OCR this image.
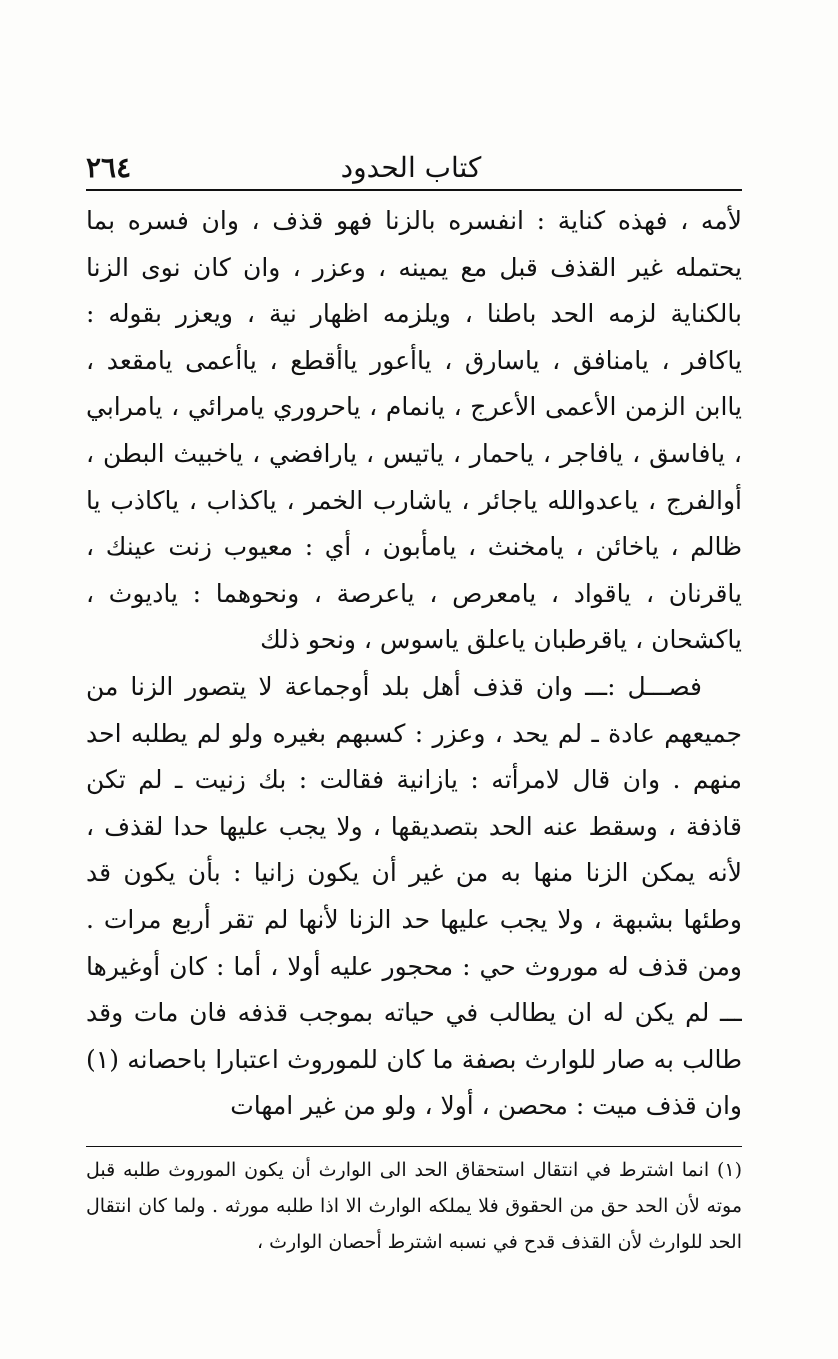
٢٦٤	كتاب الحدود

لأمه ، فهذه كناية : انفسره بالزنا فهو قذف ، وان فسره بما يحتمله غير القذف قبل مع يمينه ، وعزر ، وان كان نوى الزنا بالكناية لزمه الحد باطنا ، ويلزمه اظهار نية ، ويعزر بقوله : ياكافر ، يامنافق ، ياسارق ، ياأعور ياأقطع ، ياأعمى يامقعد ، ياابن الزمن الأعمى الأعرج ، يانمام ، ياحروري يامرائي ، يامرابي ، يافاسق ، يافاجر ، ياحمار ، ياتيس ، يارافضي ، ياخبيث البطن ، أوالفرج ، ياعدوالله ياجائر ، ياشارب الخمر ، ياكذاب ، ياكاذب يا ظالم ، ياخائن ، يامخنث ، يامأبون ، أي : معيوب زنت عينك ، ياقرنان ، ياقواد ، يامعرص ، ياعرصة ، ونحوهما : ياديوث ، ياكشحان ، ياقرطبان ياعلق ياسوس ، ونحو ذلك

فصـــل :ـــ وان قذف أهل بلد أوجماعة لا يتصور الزنا من جميعهم عادة ـ لم يحد ، وعزر : كسبهم بغيره ولو لم يطلبه احد منهم . وان قال لامرأته : يازانية فقالت : بك زنيت ـ لم تكن قاذفة ، وسقط عنه الحد بتصديقها ، ولا يجب عليها حدا لقذف ، لأنه يمكن الزنا منها به من غير أن يكون زانيا : بأن يكون قد وطئها بشبهة ، ولا يجب عليها حد الزنا لأنها لم تقر أربع مرات . ومن قذف له موروث حي : محجور عليه أولا ، أما : كان أوغيرها ـــ لم يكن له ان يطالب في حياته بموجب قذفه فان مات وقد طالب به صار للوارث بصفة ما كان للموروث اعتبارا باحصانه (١) وان قذف ميت : محصن ، أولا ، ولو من غير امهات

(١) انما اشترط في انتقال استحقاق الحد الى الوارث أن يكون الموروث طلبه قبل موته لأن الحد حق من الحقوق فلا يملكه الوارث الا اذا طلبه مورثه . ولما كان انتقال الحد للوارث لأن القذف قدح في نسبه اشترط أحصان الوارث ،
